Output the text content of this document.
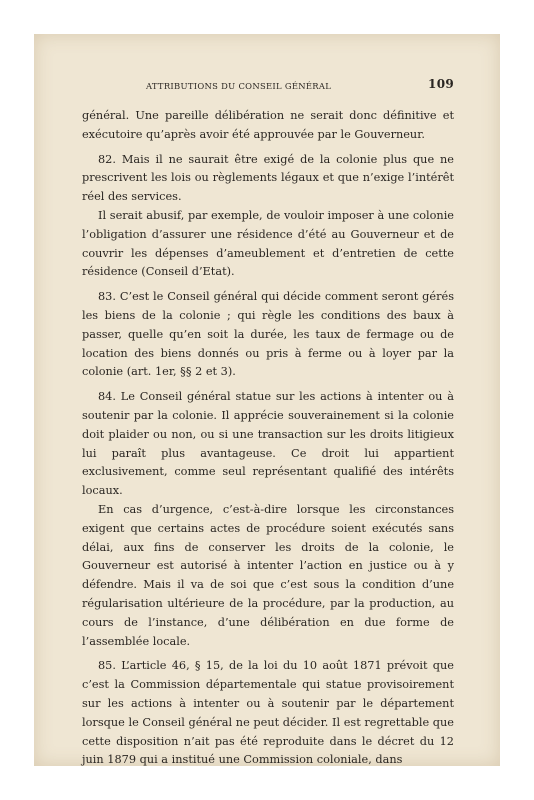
ATTRIBUTIONS DU CONSEIL GÉNÉRAL	109

général. Une pareille délibération ne serait donc définitive et exécutoire qu’après avoir été approuvée par le Gouverneur.

82. Mais il ne saurait être exigé de la colonie plus que ne prescrivent les lois ou règlements légaux et que n’exige l’intérêt réel des services.

Il serait abusif, par exemple, de vouloir imposer à une colonie l’obligation d’assurer une résidence d’été au Gouverneur et de couvrir les dépenses d’ameublement et d’entretien de cette résidence (Conseil d’Etat).

83. C’est le Conseil général qui décide comment seront gérés les biens de la colonie ; qui règle les conditions des baux à passer, quelle qu’en soit la durée, les taux de fermage ou de location des biens donnés ou pris à ferme ou à loyer par la colonie (art. 1er, §§ 2 et 3).

84. Le Conseil général statue sur les actions à intenter ou à soutenir par la colonie. Il apprécie souverainement si la colonie doit plaider ou non, ou si une transaction sur les droits litigieux lui paraît plus avantageuse. Ce droit lui appartient exclusivement, comme seul représentant qualifié des intérêts locaux.

En cas d’urgence, c’est-à-dire lorsque les circonstances exigent que certains actes de procédure soient exécutés sans délai, aux fins de conserver les droits de la colonie, le Gouverneur est autorisé à intenter l’action en justice ou à y défendre. Mais il va de soi que c’est sous la condition d’une régularisation ultérieure de la procédure, par la production, au cours de l’instance, d’une délibération en due forme de l’assemblée locale.

85. L’article 46, § 15, de la loi du 10 août 1871 prévoit que c’est la Commission départementale qui statue provisoirement sur les actions à intenter ou à soutenir par le département lorsque le Conseil général ne peut décider. Il est regrettable que cette disposition n’ait pas été reproduite dans le décret du 12 juin 1879 qui a institué une Commission coloniale, dans
